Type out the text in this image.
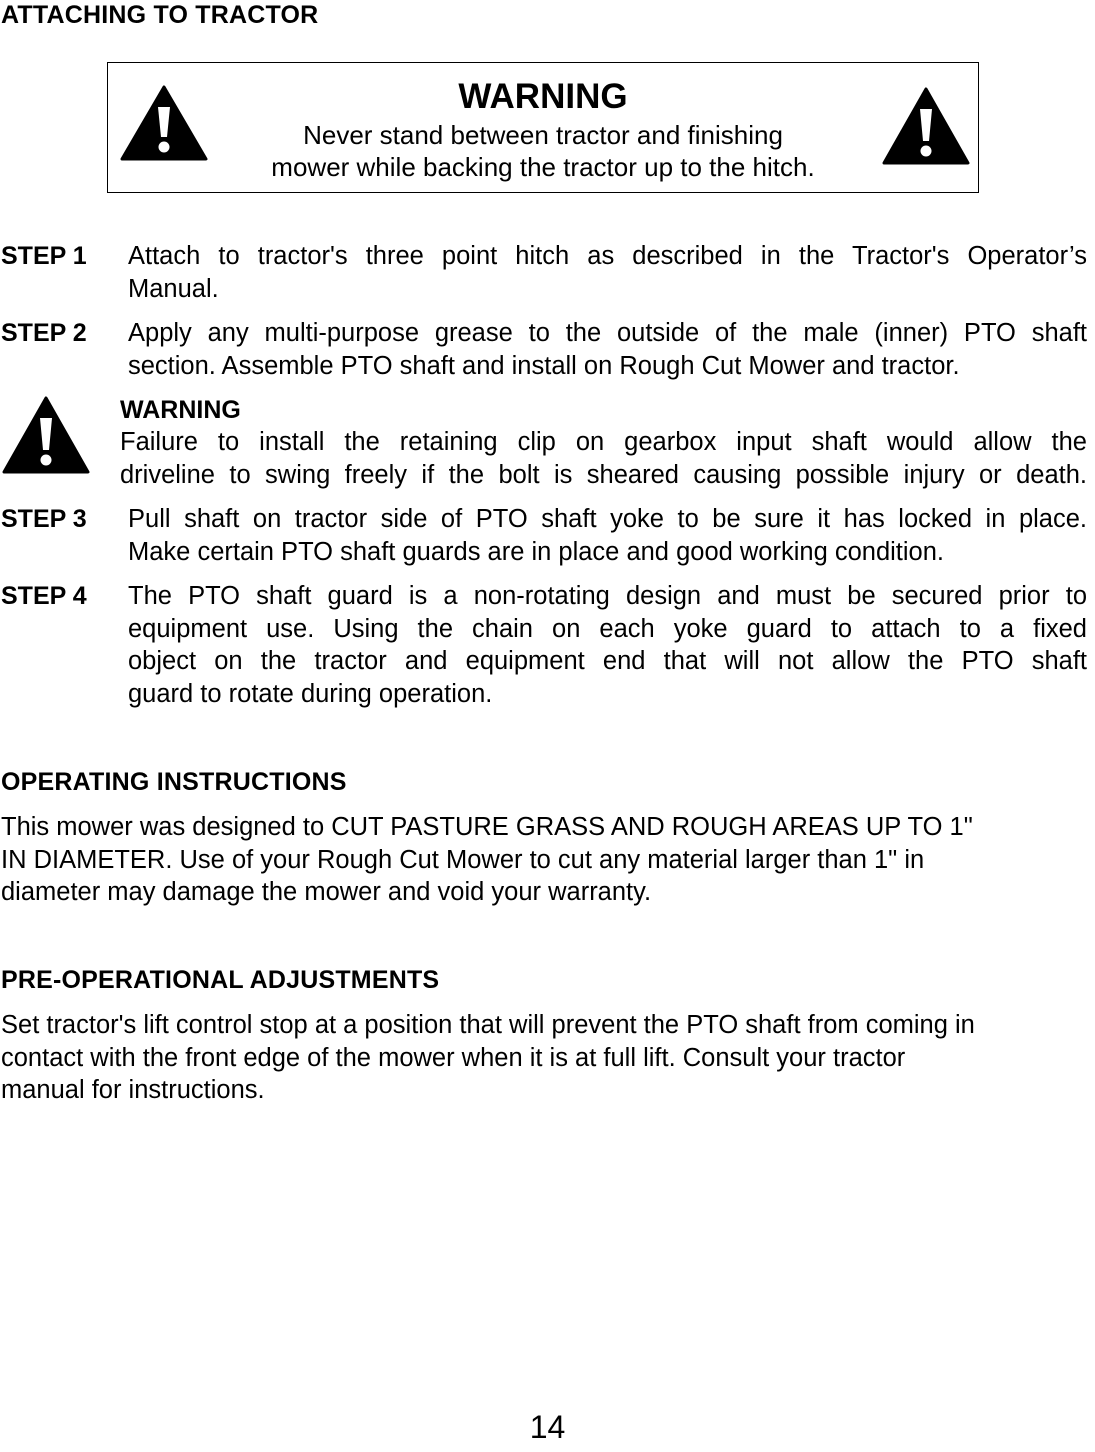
ATTACHING TO TRACTOR
WARNING
Never stand between tractor and finishing
mower while backing the tractor up to the hitch.
STEP 1	Attach to tractor's three point hitch as described in the Tractor's Operator’s
Manual.
STEP 2	Apply any multi-purpose grease to the outside of the male (inner) PTO shaft
section. Assemble PTO shaft and install on Rough Cut Mower and tractor.
WARNING
Failure to install the retaining clip on gearbox input shaft would allow the
driveline to swing freely if the bolt is sheared causing possible injury or death.
STEP 3	Pull shaft on tractor side of PTO shaft yoke to be sure it has locked in place.
Make certain PTO shaft guards are in place and good working condition.
STEP 4	The PTO shaft guard is a non-rotating design and must be secured prior to
equipment use. Using the chain on each yoke guard to attach to a fixed
object on the tractor and equipment end that will not allow the PTO shaft
guard to rotate during operation.
OPERATING INSTRUCTIONS
This mower was designed to CUT PASTURE GRASS AND ROUGH AREAS UP TO 1"
IN DIAMETER. Use of your Rough Cut Mower to cut any material larger than 1" in
diameter may damage the mower and void your warranty.
PRE-OPERATIONAL ADJUSTMENTS
Set tractor's lift control stop at a position that will prevent the PTO shaft from coming in
contact with the front edge of the mower when it is at full lift. Consult your tractor
manual for instructions.
14
